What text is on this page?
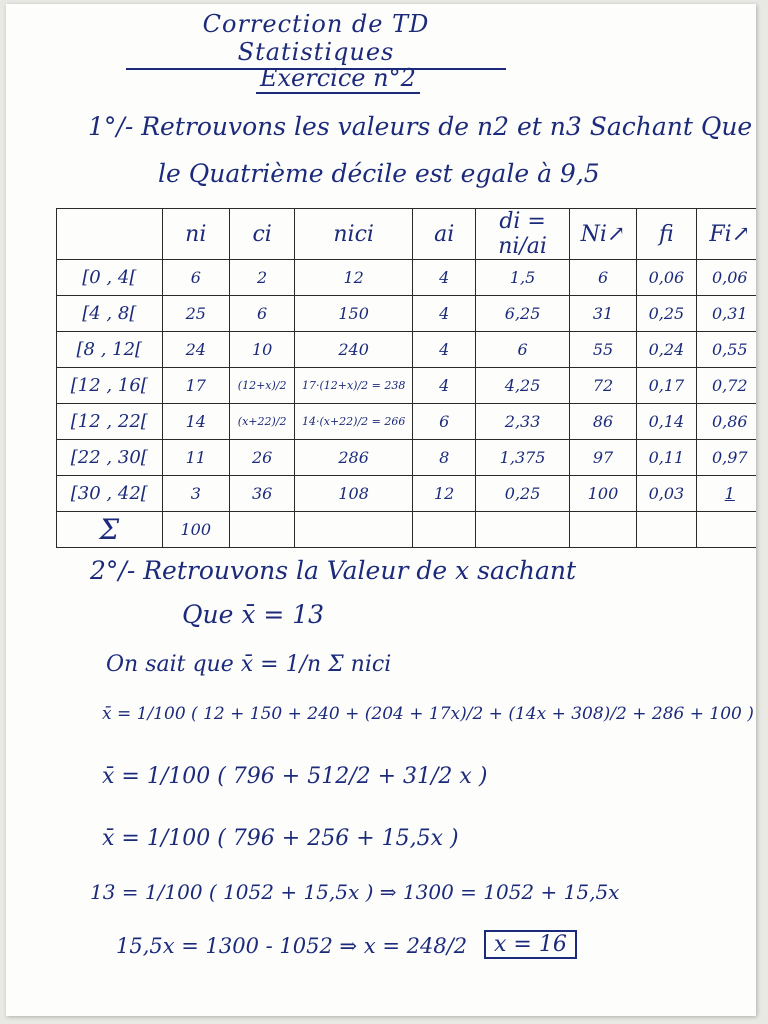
Correction de TD Statistiques
Exercice n°2
1°/- Retrouvons les valeurs de n2 et n3 Sachant Que
le Quatrième décile est egale à 9,5
	ni	ci	nici	ai	di = ni/ai	Ni↗	fi	Fi↗
[0 , 4[	6	2	12	4	1,5	6	0,06	0,06
[4 , 8[	25	6	150	4	6,25	31	0,25	0,31
[8 , 12[	24	10	240	4	6	55	0,24	0,55
[12 , 16[	17	(12+x)/2	17·(12+x)/2 = 238	4	4,25	72	0,17	0,72
[12 , 22[	14	(x+22)/2	14·(x+22)/2 = 266	6	2,33	86	0,14	0,86
[22 , 30[	11	26	286	8	1,375	97	0,11	0,97
[30 , 42[	3	36	108	12	0,25	100	0,03	1
Σ	100							
2°/- Retrouvons la Valeur de x sachant
Que x̄ = 13
On sait que x̄ = 1/n Σ nici
x̄ = 1/100 ( 12 + 150 + 240 + (204 + 17x)/2 + (14x + 308)/2 + 286 + 100 )
x̄ = 1/100 ( 796 + 512/2 + 31/2 x )
x̄ = 1/100 ( 796 + 256 + 15,5x )
13 = 1/100 ( 1052 + 15,5x ) ⇒ 1300 = 1052 + 15,5x
15,5x = 1300 - 1052 ⇒ x = 248/2	x = 16
